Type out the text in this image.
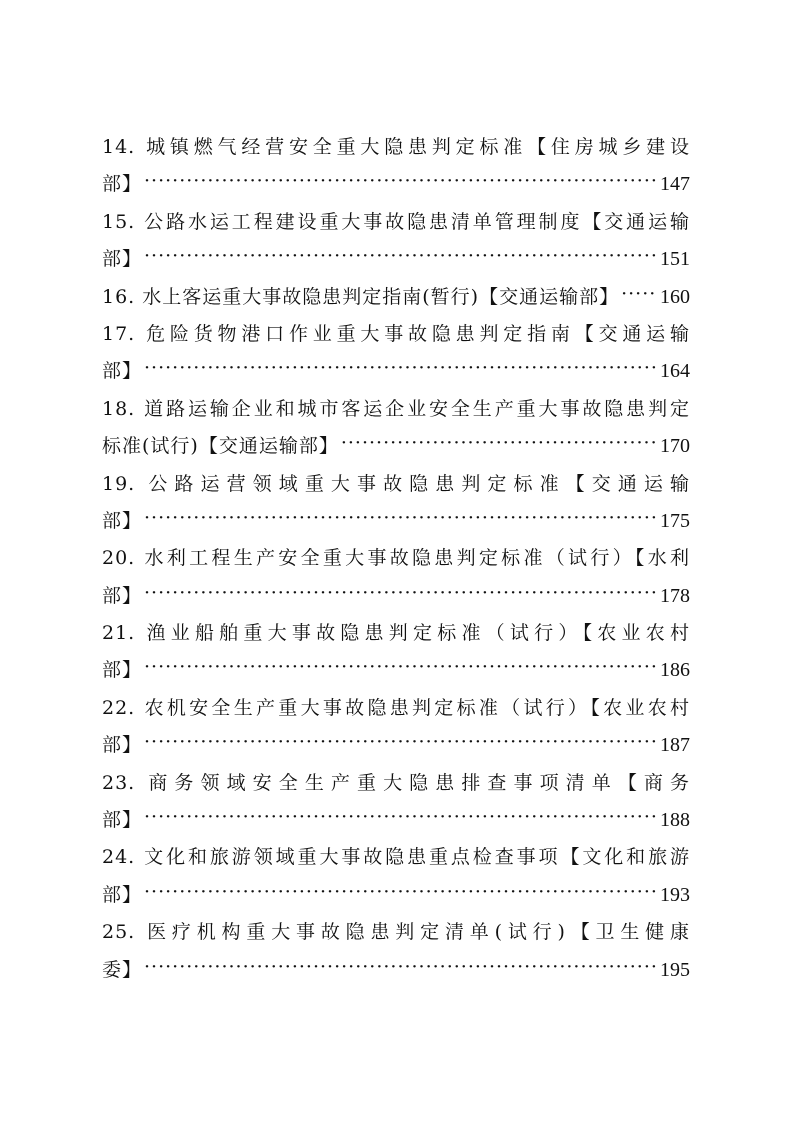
14. 城镇燃气经营安全重大隐患判定标准【住房城乡建设
部】 ·····	147
15. 公路水运工程建设重大事故隐患清单管理制度【交通运输
部】 ·····	151
16. 水上客运重大事故隐患判定指南(暂行)【交通运输部】 ····· 160
17. 危险货物港口作业重大事故隐患判定指南【交通运输
部】 ·····	164
18. 道路运输企业和城市客运企业安全生产重大事故隐患判定
标准(试行)【交通运输部】 ·····	170
19. 公路运营领域重大事故隐患判定标准【交通运输
部】 ·····	175
20. 水利工程生产安全重大事故隐患判定标准（试行）【水利
部】 ·····	178
21. 渔业船舶重大事故隐患判定标准（试行）【农业农村
部】 ·····	186
22. 农机安全生产重大事故隐患判定标准（试行）【农业农村
部】 ·····	187
23. 商务领域安全生产重大隐患排查事项清单【商务
部】 ·····	188
24. 文化和旅游领域重大事故隐患重点检查事项【文化和旅游
部】 ·····	193
25. 医疗机构重大事故隐患判定清单(试行)【卫生健康
委】 ·····	195
